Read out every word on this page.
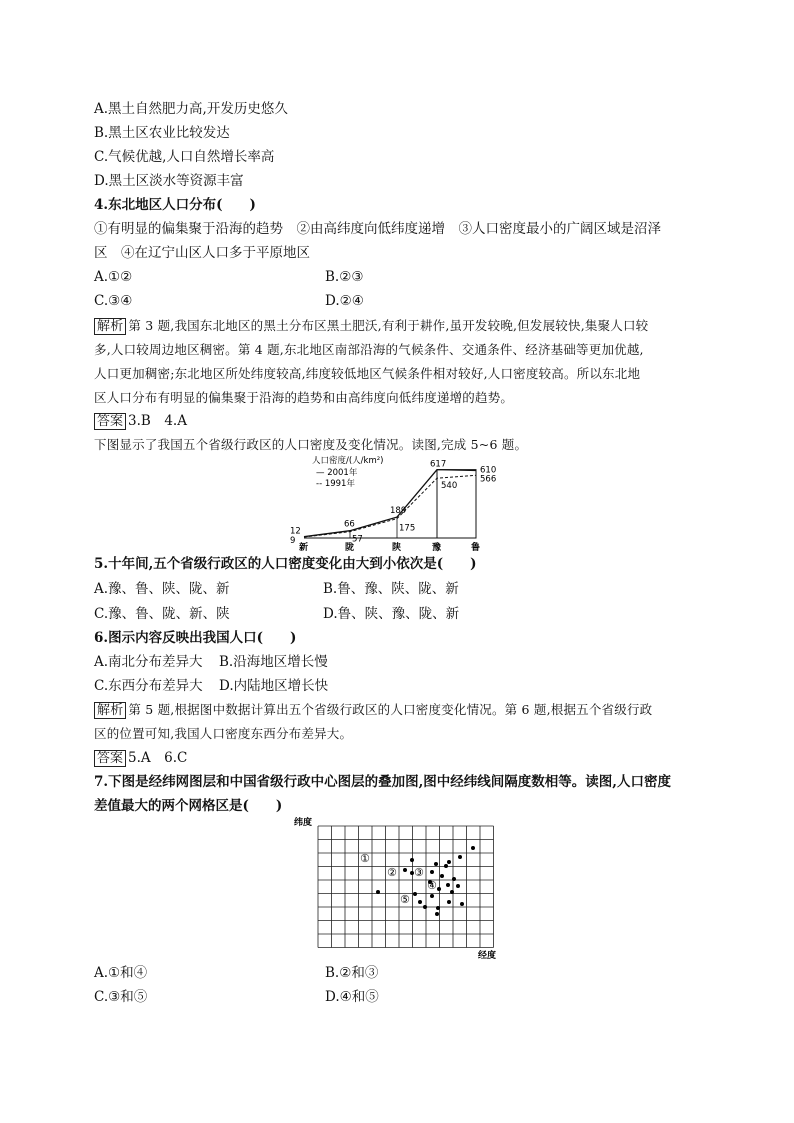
A.黑土自然肥力高,开发历史悠久
B.黑土区农业比较发达
C.气候优越,人口自然增长率高
D.黑土区淡水等资源丰富
4.东北地区人口分布(　　)
①有明显的偏集聚于沿海的趋势　②由高纬度向低纬度递增　③人口密度最小的广阔区域是沼泽
区　④在辽宁山区人口多于平原地区
A.①②	B.②③
C.③④	D.②④
解析 第 3 题,我国东北地区的黑土分布区黑土肥沃,有利于耕作,虽开发较晚,但发展较快,集聚人口较
多,人口较周边地区稠密。第 4 题,东北地区南部沿海的气候条件、交通条件、经济基础等更加优越,
人口更加稠密;东北地区所处纬度较高,纬度较低地区气候条件相对较好,人口密度较高。所以东北地
区人口分布有明显的偏集聚于沿海的趋势和由高纬度向低纬度递增的趋势。
答案 3.B　4.A
下图显示了我国五个省级行政区的人口密度及变化情况。读图,完成 5~6 题。
人口密度/(人/km²)
— 2001年
-- 1991年
新	陇	陕	豫	鲁
12
66
189
617
610
9	57
175
540
566
5.十年间,五个省级行政区的人口密度变化由大到小依次是(　　)
A.豫、鲁、陕、陇、新	B.鲁、豫、陕、陇、新
C.豫、鲁、陇、新、陕	D.鲁、陕、豫、陇、新
6.图示内容反映出我国人口(　　)
A.南北分布差异大 B.沿海地区增长慢
C.东西分布差异大 D.内陆地区增长快
解析 第 5 题,根据图中数据计算出五个省级行政区的人口密度变化情况。第 6 题,根据五个省级行政
区的位置可知,我国人口密度东西分布差异大。
答案 5.A　6.C
7.下图是经纬网图层和中国省级行政中心图层的叠加图,图中经纬线间隔度数相等。读图,人口密度
差值最大的两个网格区是(　　)
纬度
经度
①
② ③
④
⑤
A.①和④	B.②和③
C.③和⑤	D.④和⑤
